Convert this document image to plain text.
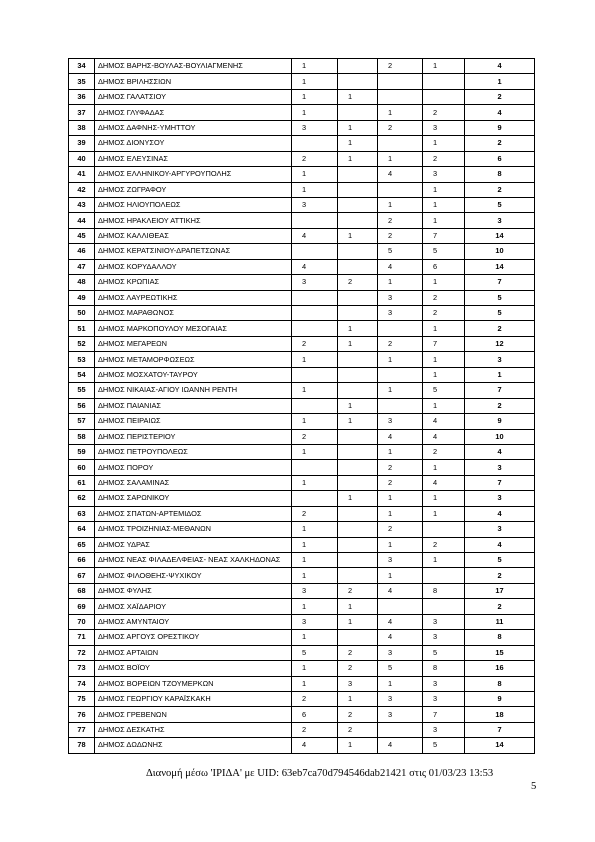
34	ΔΗΜΟΣ ΒΑΡΗΣ-ΒΟΥΛΑΣ-ΒΟΥΛΙΑΓΜΕΝΗΣ	1		2	1	4
35	ΔΗΜΟΣ ΒΡΙΛΗΣΣΙΩΝ	1				1
36	ΔΗΜΟΣ ΓΑΛΑΤΣΙΟΥ	1	1			2
37	ΔΗΜΟΣ ΓΛΥΦΑΔΑΣ	1		1	2	4
38	ΔΗΜΟΣ ΔΑΦΝΗΣ-ΥΜΗΤΤΟΥ	3	1	2	3	9
39	ΔΗΜΟΣ ΔΙΟΝΥΣΟΥ		1		1	2
40	ΔΗΜΟΣ ΕΛΕΥΣΙΝΑΣ	2	1	1	2	6
41	ΔΗΜΟΣ ΕΛΛΗΝΙΚΟΥ-ΑΡΓΥΡΟΥΠΟΛΗΣ	1		4	3	8
42	ΔΗΜΟΣ ΖΩΓΡΑΦΟΥ	1			1	2
43	ΔΗΜΟΣ ΗΛΙΟΥΠΟΛΕΩΣ	3		1	1	5
44	ΔΗΜΟΣ ΗΡΑΚΛΕΙΟΥ ΑΤΤΙΚΗΣ			2	1	3
45	ΔΗΜΟΣ ΚΑΛΛΙΘΕΑΣ	4	1	2	7	14
46	ΔΗΜΟΣ ΚΕΡΑΤΣΙΝΙΟΥ-ΔΡΑΠΕΤΣΩΝΑΣ			5	5	10
47	ΔΗΜΟΣ ΚΟΡΥΔΑΛΛΟΥ	4		4	6	14
48	ΔΗΜΟΣ ΚΡΩΠΙΑΣ	3	2	1	1	7
49	ΔΗΜΟΣ ΛΑΥΡΕΩΤΙΚΗΣ			3	2	5
50	ΔΗΜΟΣ ΜΑΡΑΘΩΝΟΣ			3	2	5
51	ΔΗΜΟΣ ΜΑΡΚΟΠΟΥΛΟΥ ΜΕΣΟΓΑΙΑΣ		1		1	2
52	ΔΗΜΟΣ ΜΕΓΑΡΕΩΝ	2	1	2	7	12
53	ΔΗΜΟΣ ΜΕΤΑΜΟΡΦΩΣΕΩΣ	1		1	1	3
54	ΔΗΜΟΣ ΜΟΣΧΑΤΟΥ-ΤΑΥΡΟΥ				1	1
55	ΔΗΜΟΣ ΝΙΚΑΙΑΣ-ΑΓΙΟΥ ΙΩΑΝΝΗ ΡΕΝΤΗ	1		1	5	7
56	ΔΗΜΟΣ ΠΑΙΑΝΙΑΣ		1		1	2
57	ΔΗΜΟΣ ΠΕΙΡΑΙΩΣ	1	1	3	4	9
58	ΔΗΜΟΣ ΠΕΡΙΣΤΕΡΙΟΥ	2		4	4	10
59	ΔΗΜΟΣ ΠΕΤΡΟΥΠΟΛΕΩΣ	1		1	2	4
60	ΔΗΜΟΣ ΠΟΡΟΥ			2	1	3
61	ΔΗΜΟΣ ΣΑΛΑΜΙΝΑΣ	1		2	4	7
62	ΔΗΜΟΣ ΣΑΡΩΝΙΚΟΥ		1	1	1	3
63	ΔΗΜΟΣ ΣΠΑΤΩΝ-ΑΡΤΕΜΙΔΟΣ	2		1	1	4
64	ΔΗΜΟΣ ΤΡΟΙΖΗΝΙΑΣ-ΜΕΘΑΝΩΝ	1		2		3
65	ΔΗΜΟΣ ΥΔΡΑΣ	1		1	2	4
66	ΔΗΜΟΣ ΝΕΑΣ ΦΙΛΑΔΕΛΦΕΙΑΣ- ΝΕΑΣ ΧΑΛΚΗΔΟΝΑΣ	1		3	1	5
67	ΔΗΜΟΣ ΦΙΛΟΘΕΗΣ-ΨΥΧΙΚΟΥ	1		1		2
68	ΔΗΜΟΣ ΦΥΛΗΣ	3	2	4	8	17
69	ΔΗΜΟΣ ΧΑΪΔΑΡΙΟΥ	1	1			2
70	ΔΗΜΟΣ ΑΜΥΝΤΑΙΟΥ	3	1	4	3	11
71	ΔΗΜΟΣ ΑΡΓΟΥΣ ΟΡΕΣΤΙΚΟΥ	1		4	3	8
72	ΔΗΜΟΣ ΑΡΤΑΙΩΝ	5	2	3	5	15
73	ΔΗΜΟΣ ΒΟΪΟΥ	1	2	5	8	16
74	ΔΗΜΟΣ ΒΟΡΕΙΩΝ ΤΖΟΥΜΕΡΚΩΝ	1	3	1	3	8
75	ΔΗΜΟΣ ΓΕΩΡΓΙΟΥ ΚΑΡΑΪΣΚΑΚΗ	2	1	3	3	9
76	ΔΗΜΟΣ ΓΡΕΒΕΝΩΝ	6	2	3	7	18
77	ΔΗΜΟΣ ΔΕΣΚΑΤΗΣ	2	2		3	7
78	ΔΗΜΟΣ ΔΩΔΩΝΗΣ	4	1	4	5	14
Διανομή μέσω 'ΙΡΙΔΑ' με UID: 63eb7ca70d794546dab21421 στις 01/03/23 13:53
5
